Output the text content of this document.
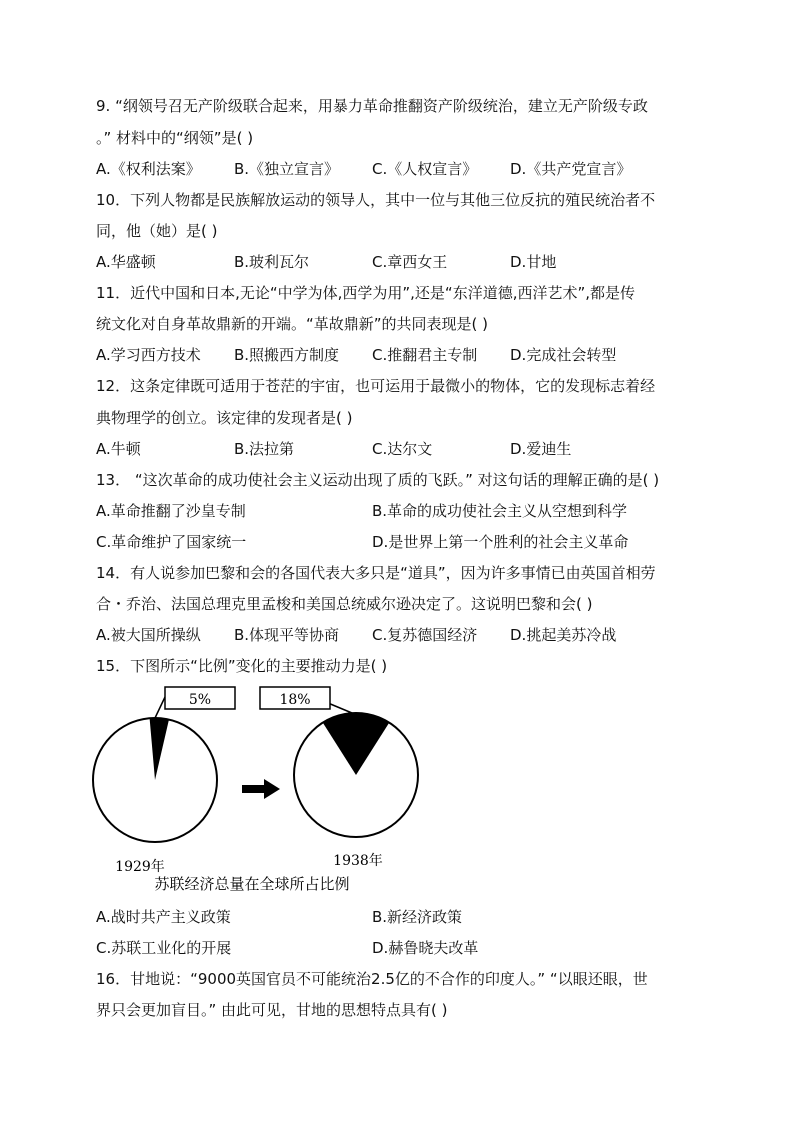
9. “纲领号召无产阶级联合起来，用暴力革命推翻资产阶级统治，建立无产阶级专政
。” 材料中的“纲领”是( )
A.《权利法案》 B.《独立宣言》 C.《人权宣言》 D.《共产党宣言》
10．下列人物都是民族解放运动的领导人，其中一位与其他三位反抗的殖民统治者不
同，他（她）是( )
A.华盛顿	B.玻利瓦尔	C.章西女王	D.甘地
11．近代中国和日本,无论“中学为体,西学为用”,还是“东洋道德,西洋艺术”,都是传
统文化对自身革故鼎新的开端。“革故鼎新”的共同表现是( )
A.学习西方技术 B.照搬西方制度 C.推翻君主专制 D.完成社会转型
12．这条定律既可适用于苍茫的宇宙，也可运用于最微小的物体，它的发现标志着经
典物理学的创立。该定律的发现者是( )
A.牛顿	B.法拉第	C.达尔文	D.爱迪生
13． “这次革命的成功使社会主义运动出现了质的飞跃。” 对这句话的理解正确的是( )
A.革命推翻了沙皇专制	B.革命的成功使社会主义从空想到科学
C.革命维护了国家统一	D.是世界上第一个胜利的社会主义革命
14．有人说参加巴黎和会的各国代表大多只是“道具”，因为许多事情已由英国首相劳
A.被大国所操纵 B.体现平等协商 C.复苏德国经济 D.挑起美苏冷战
15．下图所示“比例”变化的主要推动力是( )
5%
1929年
18%
1938年
苏联经济总量在全球所占比例
A.战时共产主义政策	B.新经济政策
C.苏联工业化的开展	D.赫鲁晓夫改革
16．甘地说：“9000英国官员不可能统治2.5亿的不合作的印度人。” “以眼还眼，世
界只会更加盲目。” 由此可见，甘地的思想特点具有( )
合・乔治、法国总理克里孟梭和美国总统威尔逊决定了。这说明巴黎和会( )
